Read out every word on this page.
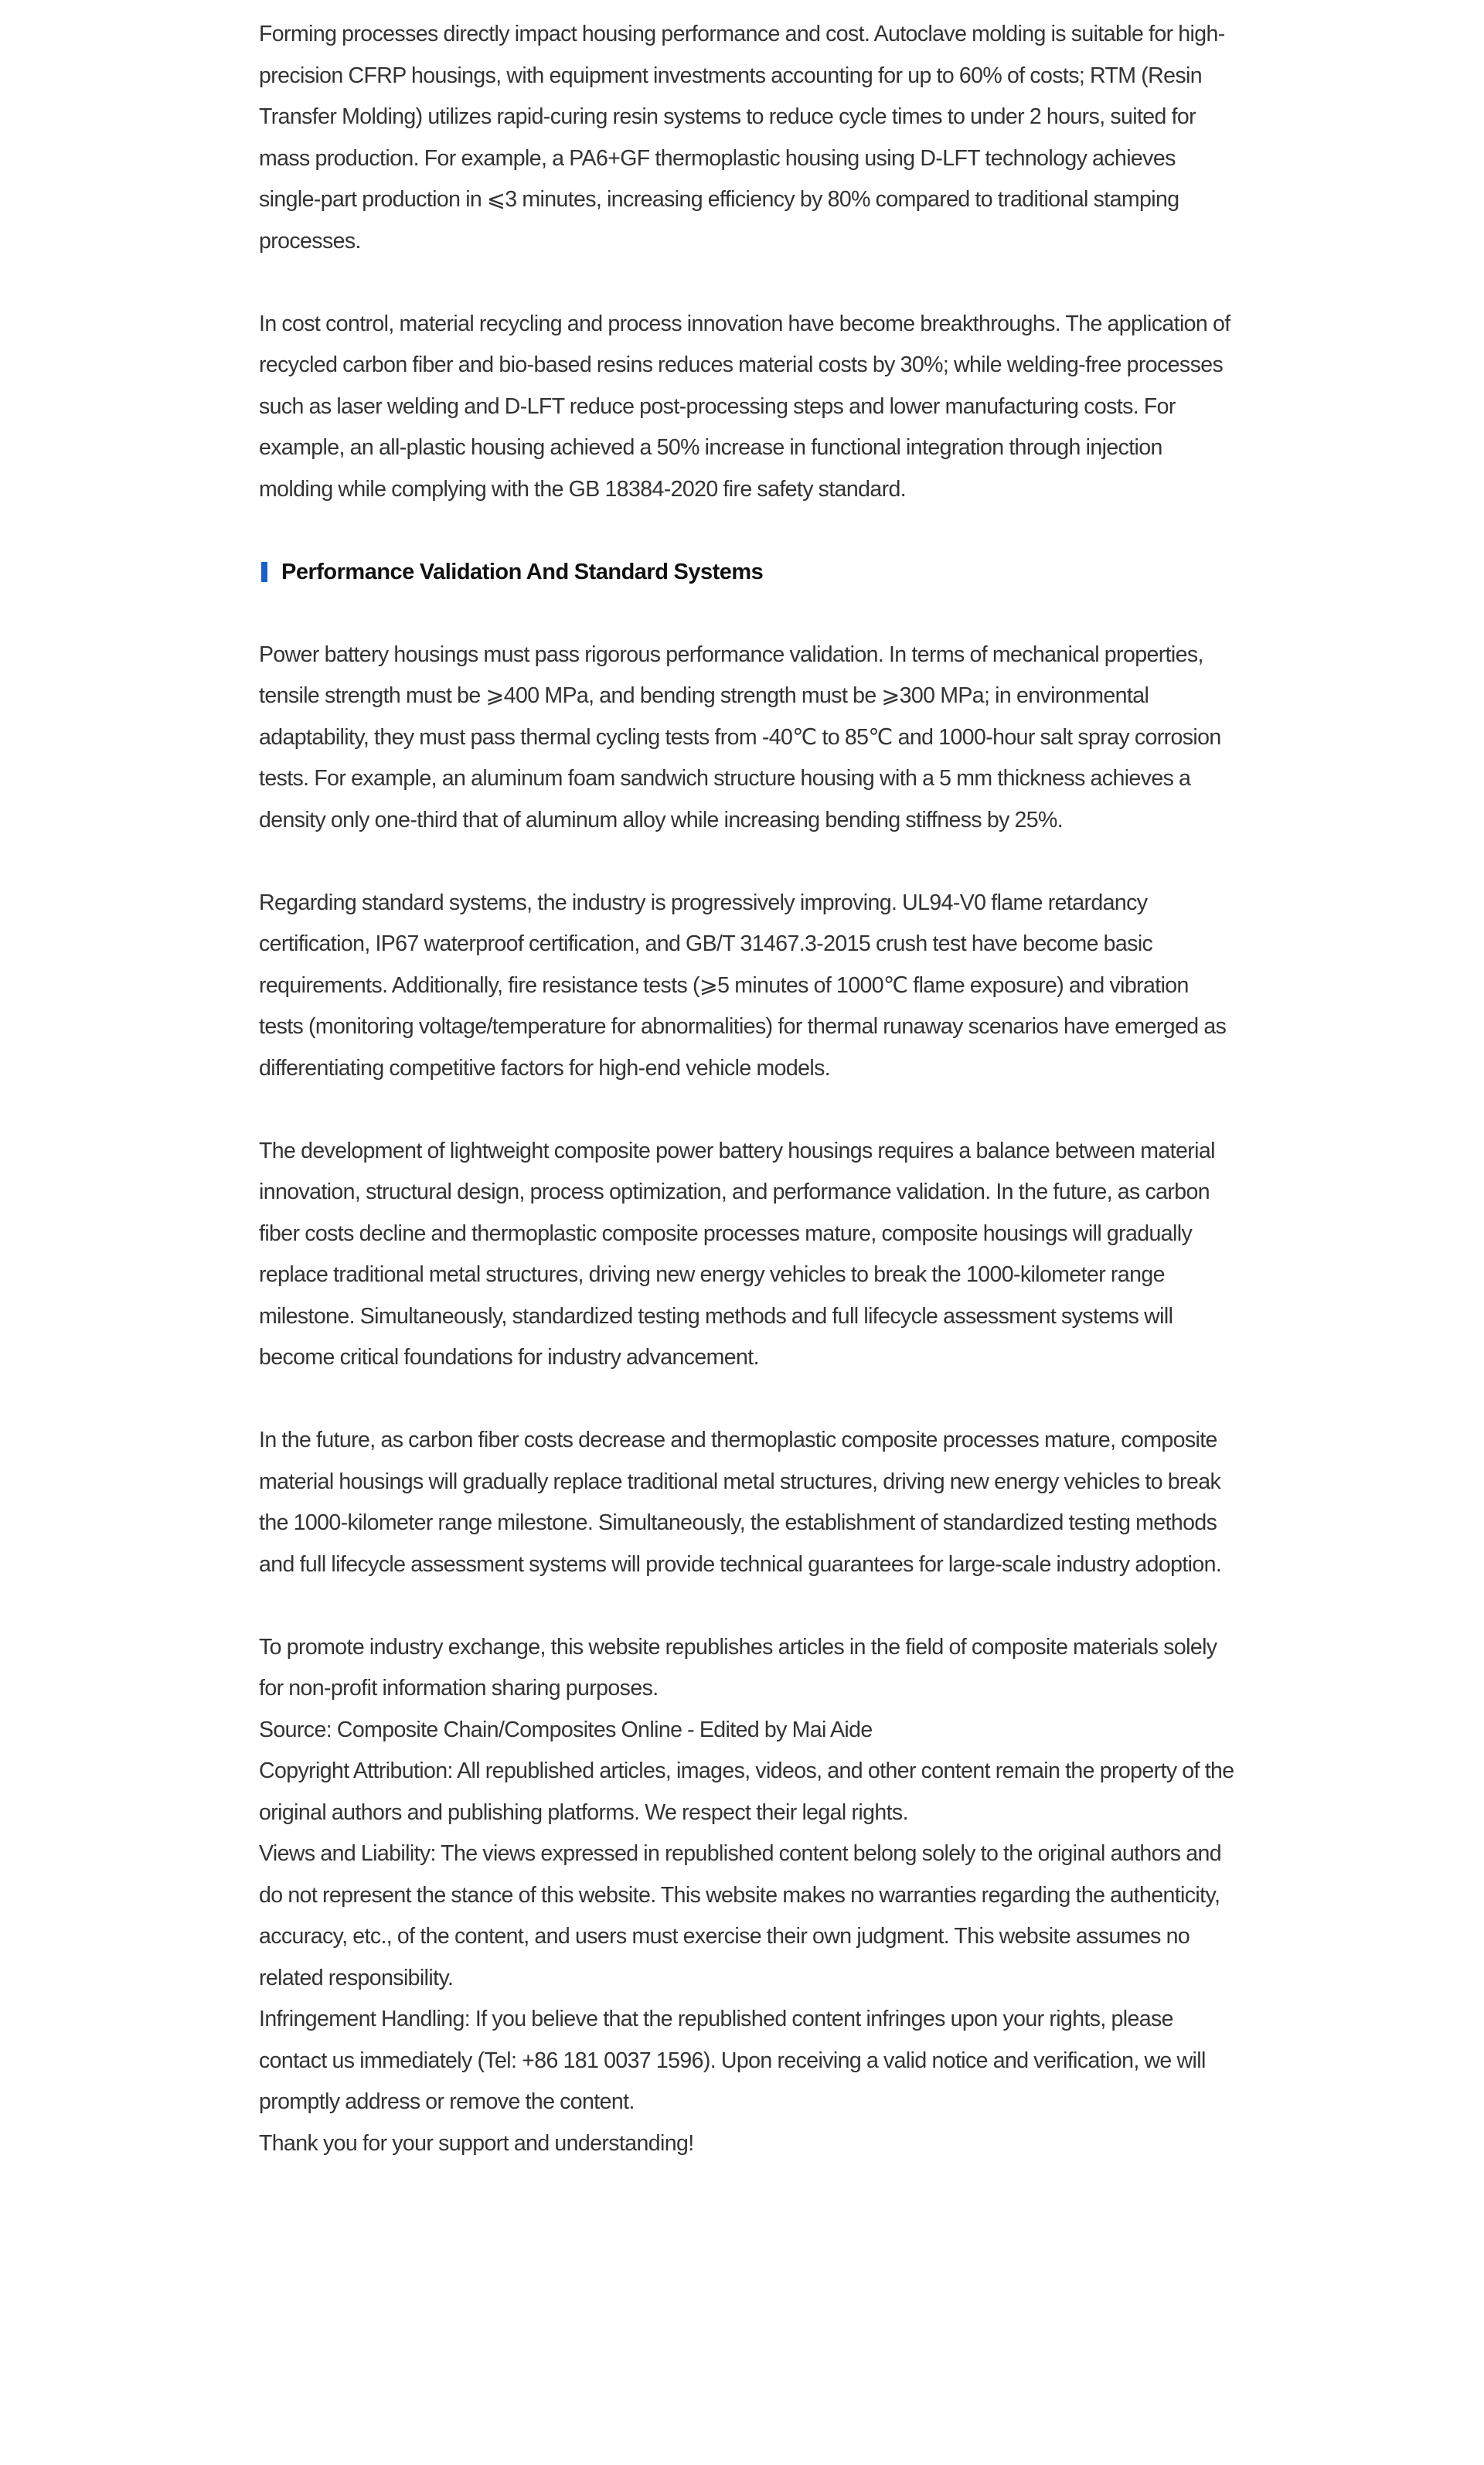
Forming processes directly impact housing performance and cost. Autoclave molding is suitable for high-precision CFRP housings, with equipment investments accounting for up to 60% of costs; RTM (Resin Transfer Molding) utilizes rapid-curing resin systems to reduce cycle times to under 2 hours, suited for mass production. For example, a PA6+GF thermoplastic housing using D-LFT technology achieves single-part production in ⩽3 minutes, increasing efficiency by 80% compared to traditional stamping processes.

In cost control, material recycling and process innovation have become breakthroughs. The application of recycled carbon fiber and bio-based resins reduces material costs by 30%; while welding-free processes such as laser welding and D-LFT reduce post-processing steps and lower manufacturing costs. For example, an all-plastic housing achieved a 50% increase in functional integration through injection molding while complying with the GB 18384-2020 fire safety standard.

Performance Validation And Standard Systems

Power battery housings must pass rigorous performance validation. In terms of mechanical properties, tensile strength must be ⩾400 MPa, and bending strength must be ⩾300 MPa; in environmental adaptability, they must pass thermal cycling tests from -40℃ to 85℃ and 1000-hour salt spray corrosion tests. For example, an aluminum foam sandwich structure housing with a 5 mm thickness achieves a density only one-third that of aluminum alloy while increasing bending stiffness by 25%.

Regarding standard systems, the industry is progressively improving. UL94-V0 flame retardancy certification, IP67 waterproof certification, and GB/T 31467.3-2015 crush test have become basic requirements. Additionally, fire resistance tests (⩾5 minutes of 1000℃ flame exposure) and vibration tests (monitoring voltage/temperature for abnormalities) for thermal runaway scenarios have emerged as differentiating competitive factors for high-end vehicle models.

The development of lightweight composite power battery housings requires a balance between material innovation, structural design, process optimization, and performance validation. In the future, as carbon fiber costs decline and thermoplastic composite processes mature, composite housings will gradually replace traditional metal structures, driving new energy vehicles to break the 1000-kilometer range milestone. Simultaneously, standardized testing methods and full lifecycle assessment systems will become critical foundations for industry advancement.

In the future, as carbon fiber costs decrease and thermoplastic composite processes mature, composite material housings will gradually replace traditional metal structures, driving new energy vehicles to break the 1000-kilometer range milestone. Simultaneously, the establishment of standardized testing methods and full lifecycle assessment systems will provide technical guarantees for large-scale industry adoption.

To promote industry exchange, this website republishes articles in the field of composite materials solely for non-profit information sharing purposes.

Source: Composite Chain/Composites Online - Edited by Mai Aide

Copyright Attribution: All republished articles, images, videos, and other content remain the property of the original authors and publishing platforms. We respect their legal rights.

Views and Liability: The views expressed in republished content belong solely to the original authors and do not represent the stance of this website. This website makes no warranties regarding the authenticity, accuracy, etc., of the content, and users must exercise their own judgment. This website assumes no related responsibility.

Infringement Handling: If you believe that the republished content infringes upon your rights, please contact us immediately (Tel: +86 181 0037 1596). Upon receiving a valid notice and verification, we will promptly address or remove the content.

Thank you for your support and understanding!
